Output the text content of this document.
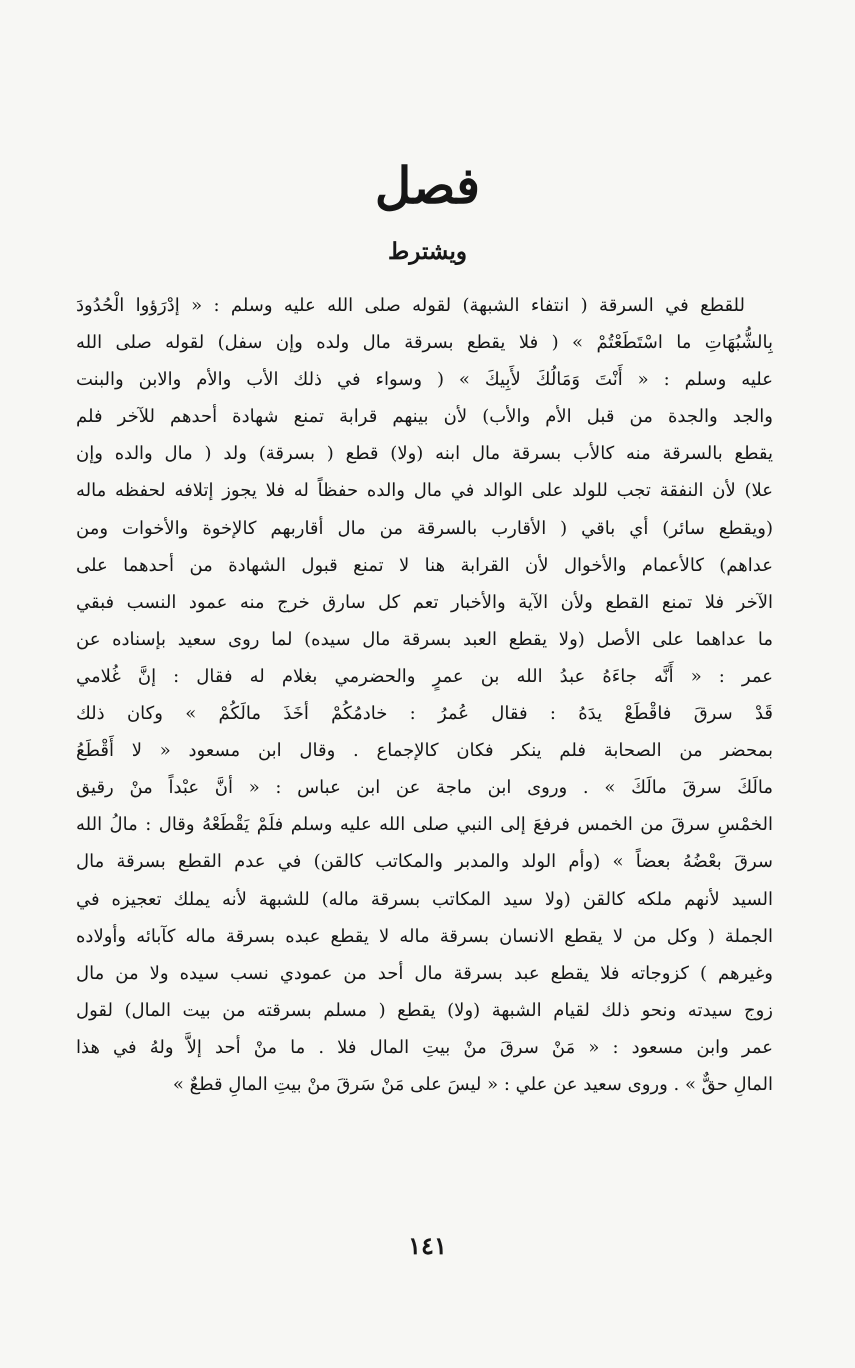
فصل
ويشترط
للقطع في السرقة ( انتفاء الشبهة) لقوله صلى الله عليه وسلم : « إدْرَؤوا الْحُدُودَ
بِالشُّبُهَاتِ ما اسْتَطَعْتُمْ » ( فلا يقطع بسرقة مال ولده وإن سفل) لقوله صلى الله
عليه وسلم : « أَنْتَ وَمَالُكَ لأَبِيكَ » ( وسواء في ذلك الأب والأم والابن والبنت
والجد والجدة من قبل الأم والأب) لأن بينهم قرابة تمنع شهادة أحدهم للآخر فلم
يقطع بالسرقة منه كالأب بسرقة مال ابنه (ولا) قطع ( بسرقة) ولد ( مال والده وإن
علا) لأن النفقة تجب للولد على الوالد في مال والده حفظاً له فلا يجوز إتلافه لحفظه ماله
(ويقطع سائر) أي باقي ( الأقارب بالسرقة من مال أقاربهم كالإخوة والأخوات ومن
عداهم) كالأعمام والأخوال لأن القرابة هنا لا تمنع قبول الشهادة من أحدهما على
الآخر فلا تمنع القطع ولأن الآية والأخبار تعم كل سارق خرج منه عمود النسب فبقي
ما عداهما على الأصل (ولا يقطع العبد بسرقة مال سيده) لما روى سعيد بإسناده عن
عمر : « أَنَّه جاءَهُ عبدُ الله بن عمرٍ والحضرمي بغلام له فقال : إنَّ غُلامي
قَدْ سرقَ فاقْطَعْ يدَهُ : فقال عُمرُ : خادمُكُمْ أخَذَ مالَكُمْ » وكان ذلك
بمحضر من الصحابة فلم ينكر فكان كالإجماع . وقال ابن مسعود « لا أَقْطَعُ
مالَكَ سرقَ مالَكَ » . وروى ابن ماجة عن ابن عباس : « أنَّ عبْداً منْ رقيق
الخمْسِ سرقَ من الخمس فرفعَ إلى النبي صلى الله عليه وسلم فلَمْ يَقْطَعْهُ وقال : مالُ الله
سرقَ بعْضُهُ بعضاً » (وأم الولد والمدبر والمكاتب كالقن) في عدم القطع بسرقة مال
السيد لأنهم ملكه كالقن (ولا سيد المكاتب بسرقة ماله) للشبهة لأنه يملك تعجيزه في
الجملة ( وكل من لا يقطع الانسان بسرقة ماله لا يقطع عبده بسرقة ماله كآبائه وأولاده
وغيرهم ) كزوجاته فلا يقطع عبد بسرقة مال أحد من عمودي نسب سيده ولا من مال
زوج سيدته ونحو ذلك لقيام الشبهة (ولا) يقطع ( مسلم بسرقته من بيت المال) لقول
عمر وابن مسعود : « مَنْ سرقَ منْ بيتِ المال فلا . ما منْ أحد إلاَّ ولهُ في هذا
المالِ حقٌّ » . وروى سعيد عن علي : « ليسَ على مَنْ سَرقَ منْ بيتِ المالِ قطعٌ »
١٤١
